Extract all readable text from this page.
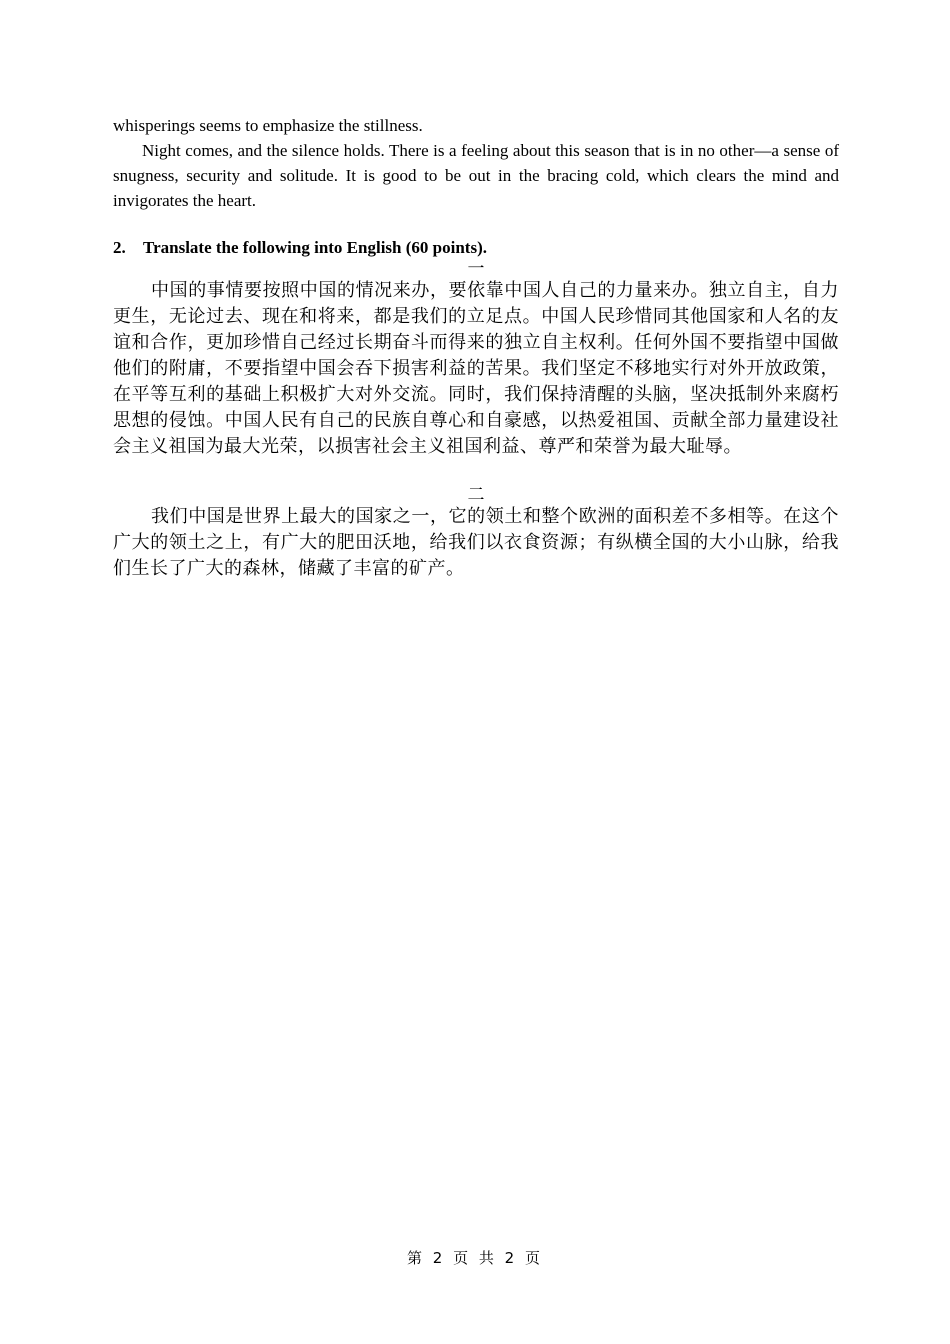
whisperings seems to emphasize the stillness.

Night comes, and the silence holds. There is a feeling about this season that is in no other—a sense of snugness, security and solitude. It is good to be out in the bracing cold, which clears the mind and invigorates the heart.

2. Translate the following into English (60 points).

一

中国的事情要按照中国的情况来办，要依靠中国人自己的力量来办。独立自主，自力更生，无论过去、现在和将来，都是我们的立足点。中国人民珍惜同其他国家和人名的友谊和合作，更加珍惜自己经过长期奋斗而得来的独立自主权利。任何外国不要指望中国做他们的附庸，不要指望中国会吞下损害利益的苦果。我们坚定不移地实行对外开放政策，在平等互利的基础上积极扩大对外交流。同时，我们保持清醒的头脑，坚决抵制外来腐朽思想的侵蚀。中国人民有自己的民族自尊心和自豪感，以热爱祖国、贡献全部力量建设社会主义祖国为最大光荣，以损害社会主义祖国利益、尊严和荣誉为最大耻辱。

二

我们中国是世界上最大的国家之一，它的领土和整个欧洲的面积差不多相等。在这个广大的领土之上，有广大的肥田沃地，给我们以衣食资源；有纵横全国的大小山脉，给我们生长了广大的森林，储藏了丰富的矿产。

第 2 页 共 2 页
